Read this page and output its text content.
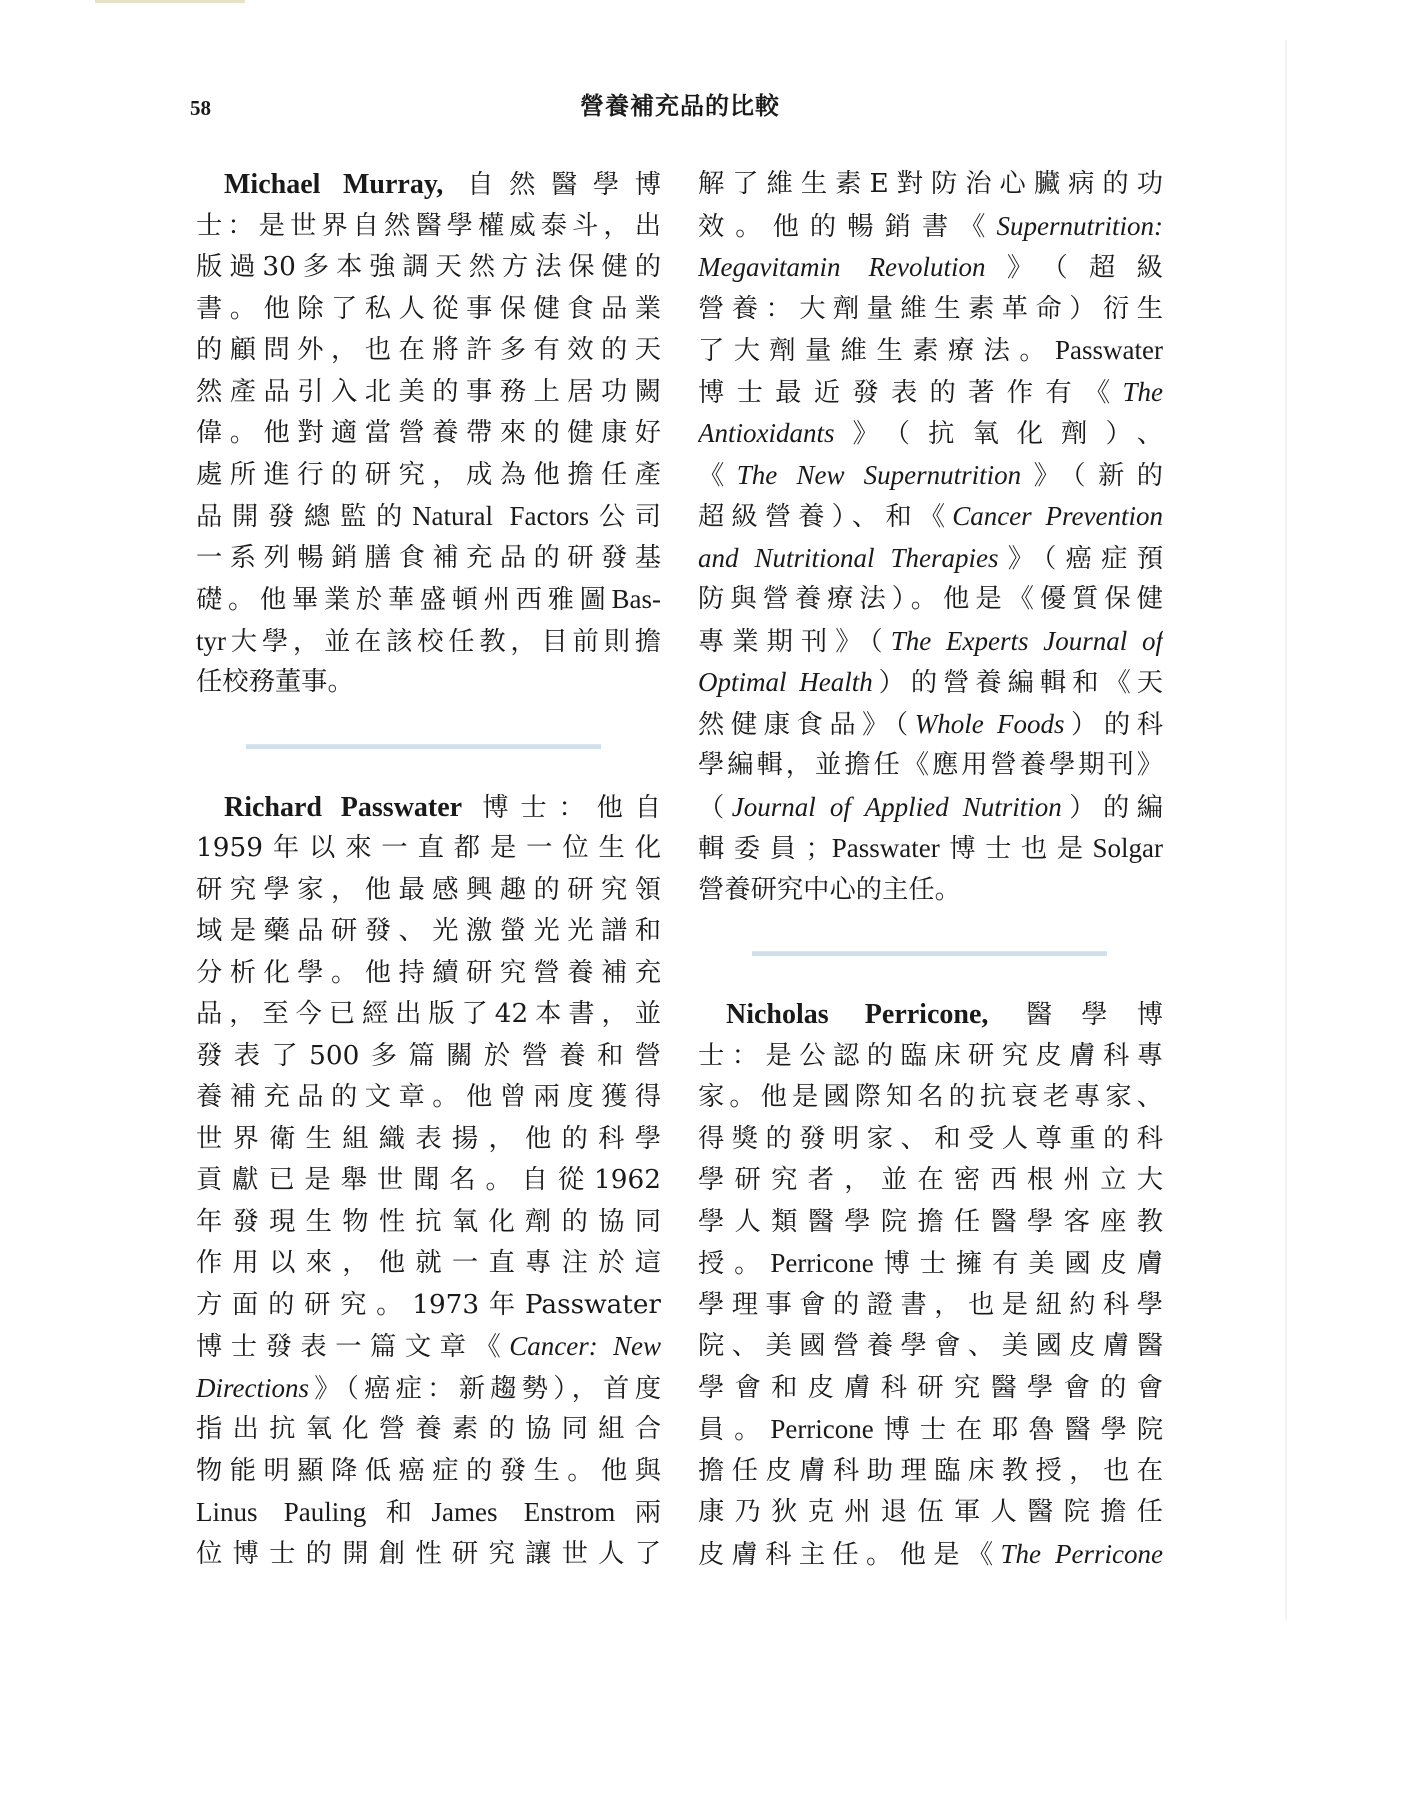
58	營養補充品的比較
Michael Murray, 自然醫學博
士：是世界自然醫學權威泰斗，出
版過30多本強調天然方法保健的
書。他除了私人從事保健食品業
的顧問外，也在將許多有效的天
然產品引入北美的事務上居功闕
偉。他對適當營養帶來的健康好
處所進行的研究，成為他擔任產
品開發總監的Natural Factors公司
一系列暢銷膳食補充品的研發基
礎。他畢業於華盛頓州西雅圖Bas-
tyr大學，並在該校任教，目前則擔
任校務董事。
Richard Passwater 博士：他自
1959年以來一直都是一位生化
研究學家，他最感興趣的研究領
域是藥品研發、光激螢光光譜和
分析化學。他持續研究營養補充
品，至今已經出版了42本書，並
發表了500多篇關於營養和營
養補充品的文章。他曾兩度獲得
世界衛生組織表揚，他的科學
貢獻已是舉世聞名。自從1962
年發現生物性抗氧化劑的協同
作用以來，他就一直專注於這
方面的研究。1973年Passwater
博士發表一篇文章《Cancer: New
Directions》（癌症：新趨勢），首度
指出抗氧化營養素的協同組合
物能明顯降低癌症的發生。他與
Linus Pauling和James Enstrom兩
位博士的開創性研究讓世人了
解了維生素E對防治心臟病的功
效。他的暢銷書《Supernutrition:
Megavitamin Revolution》（超級
營養：大劑量維生素革命）衍生
了大劑量維生素療法。Passwater
博士最近發表的著作有《The
Antioxidants》（抗氧化劑）、
《The New Supernutrition》（新的
超級營養）、和《Cancer Prevention
and Nutritional Therapies》（癌症預
防與營養療法）。他是《優質保健
專業期刊》（The Experts Journal of
Optimal Health）的營養編輯和《天
然健康食品》（Whole Foods）的科
學編輯，並擔任《應用營養學期刊》
（Journal of Applied Nutrition）的編
輯委員；Passwater博士也是Solgar
營養研究中心的主任。
Nicholas Perricone, 醫學博
士：是公認的臨床研究皮膚科專
家。他是國際知名的抗衰老專家、
得獎的發明家、和受人尊重的科
學研究者，並在密西根州立大
學人類醫學院擔任醫學客座教
授。Perricone博士擁有美國皮膚
學理事會的證書，也是紐約科學
院、美國營養學會、美國皮膚醫
學會和皮膚科研究醫學會的會
員。Perricone博士在耶魯醫學院
擔任皮膚科助理臨床教授，也在
康乃狄克州退伍軍人醫院擔任
皮膚科主任。他是《The Perricone
